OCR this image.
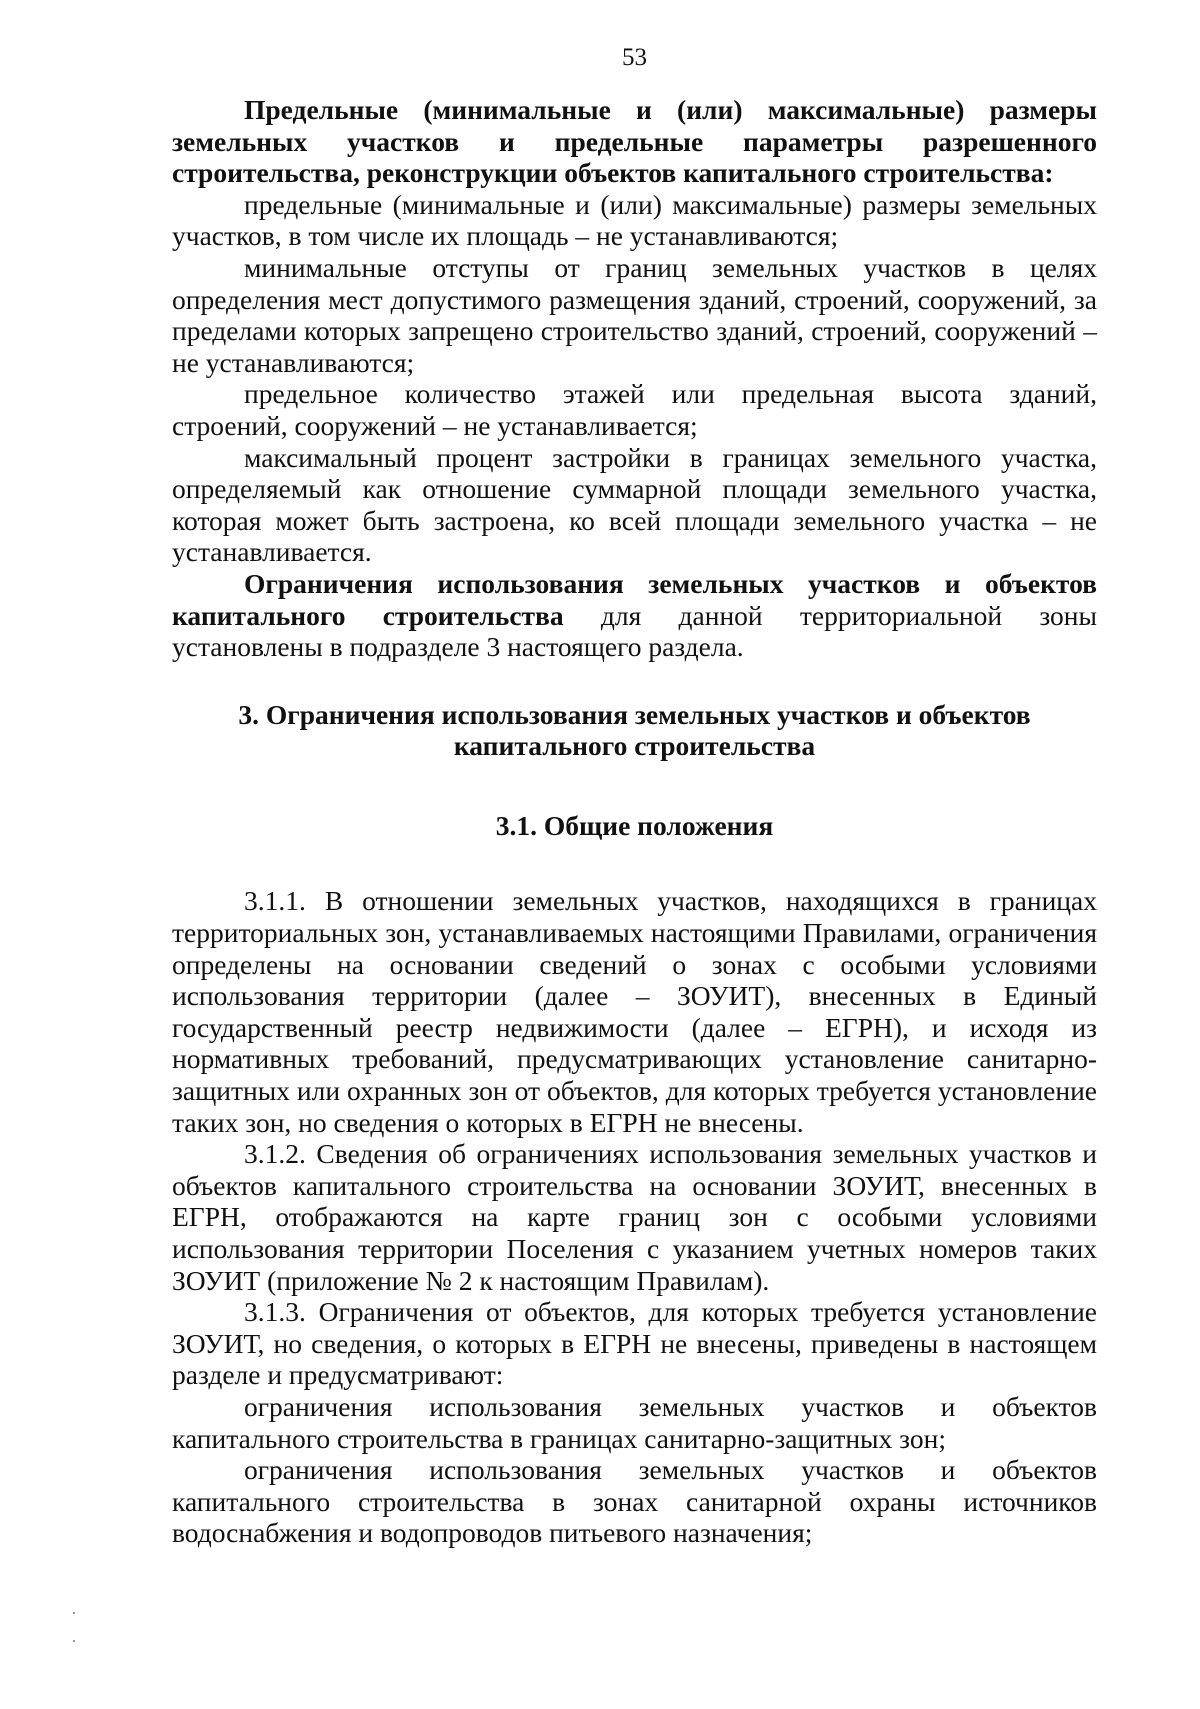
53

Предельные (минимальные и (или) максимальные) размеры земельных участков и предельные параметры разрешенного строительства, реконструкции объектов капитального строительства:

предельные (минимальные и (или) максимальные) размеры земельных участков, в том числе их площадь – не устанавливаются;

минимальные отступы от границ земельных участков в целях определения мест допустимого размещения зданий, строений, сооружений, за пределами которых запрещено строительство зданий, строений, сооружений – не устанавливаются;

предельное количество этажей или предельная высота зданий, строений, сооружений – не устанавливается;

максимальный процент застройки в границах земельного участка, определяемый как отношение суммарной площади земельного участка, которая может быть застроена, ко всей площади земельного участка – не устанавливается.

Ограничения использования земельных участков и объектов капитального строительства для данной территориальной зоны установлены в подразделе 3 настоящего раздела.

3. Ограничения использования земельных участков и объектов
капитального строительства
3.1. Общие положения

3.1.1. В отношении земельных участков, находящихся в границах территориальных зон, устанавливаемых настоящими Правилами, ограничения определены на основании сведений о зонах с особыми условиями использования территории (далее – ЗОУИТ), внесенных в Единый государственный реестр недвижимости (далее – ЕГРН), и исходя из нормативных требований, предусматривающих установление санитарно-защитных или охранных зон от объектов, для которых требуется установление таких зон, но сведения о которых в ЕГРН не внесены.

3.1.2. Сведения об ограничениях использования земельных участков и объектов капитального строительства на основании ЗОУИТ, внесенных в ЕГРН, отображаются на карте границ зон с особыми условиями использования территории Поселения с указанием учетных номеров таких ЗОУИТ (приложение № 2 к настоящим Правилам).

3.1.3. Ограничения от объектов, для которых требуется установление ЗОУИТ, но сведения, о которых в ЕГРН не внесены, приведены в настоящем разделе и предусматривают:

ограничения использования земельных участков и объектов капитального строительства в границах санитарно-защитных зон;

ограничения использования земельных участков и объектов капитального строительства в зонах санитарной охраны источников водоснабжения и водопроводов питьевого назначения;
